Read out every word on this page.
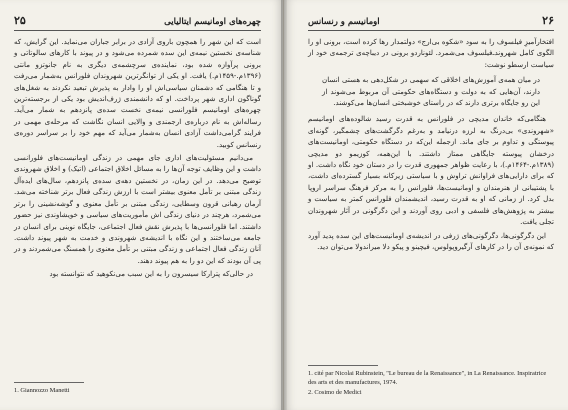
چهره‌های اومانیسم ایتالیایی
۲۵

است که این شهر را همچون باروی آزادی در برابر جباران می‌نماید. این گرایش، که شناسه‌ی نخستین نیمه‌ی این سده شمرده می‌شود و در پیوند با کارهای سالوتاتی و برونی پرآوازه شده بود، نماینده‌ی سرچشمه‌ی دیگری به نام جانوتزو مانتی (۱۳۹۶م.-۱۴۵۹م.) یافت. او یکی از توانگرترین شهروندان فلورانس به‌شمار می‌رفت و تا هنگامی که دشمنان سیاسی‌اش او را وادار به پذیرش تبعید نکردند به شغل‌های گوناگون اداری شهر پرداخت. او که دانشمندی ژرف‌اندیش بود یکی از برجسته‌ترین چهره‌های اومانیسم فلورانسی نیمه‌ی نخست سده‌ی پانزدهم به شمار می‌آید. رساله‌اش به نام درباره‌ی ارجمندی و والایی انسان نگاشت که مرحله‌ی مهمی در فرایند گرامی‌داشت آزادی انسان به‌شمار می‌آید که مهم خود را بر سراسر دوره‌ی رنسانس کوبید.

می‌دانیم مسئولیت‌های اداری جای مهمی در زندگی اومانیست‌های فلورانسی داشت و این وظایف توجه آن‌ها را به مسائل اخلاق اجتماعی (اتیک) و اخلاق شهروندی توضیح می‌دهد. در این زمان، در نخستین دهه‌ی سده‌ی پانزدهم، سال‌های ایده‌آل زندگی مبتنی بر تأمل معنوی بیشتر است با ارزش زندگی فعال برتر شناخته می‌شد. آرمان رهبانی قرون وسطایی، زندگی مبتنی بر تأمل معنوی و گوشه‌نشینی را برتر می‌شمرد، هرچند در دنیای زندگی اش مأموریت‌های سیاسی و خویشاوندی نیز حضور داشتند. اما فلورانسی‌ها با پذیرش نقش فعال اجتماعی، جایگاه نوینی برای انسان در جامعه می‌ساختند و این نگاه با اندیشه‌ی شهروندی و خدمت به شهر پیوند داشت. آنان زندگی فعال اجتماعی و زندگی مبتنی بر تأمل معنوی را همسنگ می‌شمردند و در پی آن بودند که این دو را به هم پیوند دهند.

در حالی‌که پترارکا سیسرون را به این سبب می‌نکوهید که نتوانسته بود

1. Giannozzo Manetti
۲۶
اومانیسم و رنسانس

افتخارآمیزِ فیلسوف را به سود «شکوه بی‌ارج» دولتمدار رها کرده است، برونی او را الگوی کامل شهروند‌ـ‌فیلسوف می‌شمرد. لئوناردو برونی در دیباچه‌ی ترجمه‌ی خود از سیاست ارسطو نوشت:

در میان همه‌ی آموزش‌های اخلاقی که سهمی در شکل‌دهی به هستی انسان دارند، آن‌هایی که به دولت و دستگاه‌های حکومتی آن مربوط می‌شوند از این رو جایگاه برتری دارند که در راستای خوشبختی انسان‌ها می‌کوشند.

هنگامی‌که خاندان مدیچی در فلورانس به قدرت رسید شالوده‌های اومانیسم «شهروندی» بی‌درنگ به لرزه درنیامد و به‌رغم دگرگشت‌های چشمگیر، گونه‌ای پیوستگی و تداوم بر جای ماند. ازجمله این‌که در دستگاه حکومتی، اومانیست‌های درخشان پیوسته جایگاهی ممتاز داشتند. با این‌همه، کوزیمو دو مدیچی (۱۳۸۹م.-۱۴۶۴م.)، با رعایت ظواهر جمهوری قدرت را در دستان خود نگاه داشت. او که برای دارایی‌های فراوانش تراوش و با سیاستی زیرکانه بسیار گسترده‌ای داشت، با پشتیبانی از هنرمندان و اومانیست‌ها، فلورانس را به مرکز فرهنگ سراسر اروپا بدل کرد. از زمانی که او به قدرت رسید، اندیشمندان فلورانس کمتر به سیاست و بیشتر به پژوهش‌های فلسفی و ادبی روی آوردند و این دگرگونی در آثار شهروندان تجلی یافت.

این دگرگونی‌ها، دگرگونی‌های ژرفی در اندیشه‌ی اومانیست‌های این سده پدید آورد که نمونه‌ی آن را در کارهای آرگیروپولوس، فیچینو و پیکو دلا میراندولا می‌توان دید.

1. cité par Nicolai Rubinstein, "Le bureau de la Renaissance", in La Renaissance. Inspiratrice des arts et des manufactures, 1974.
2. Cosimo de Medici
